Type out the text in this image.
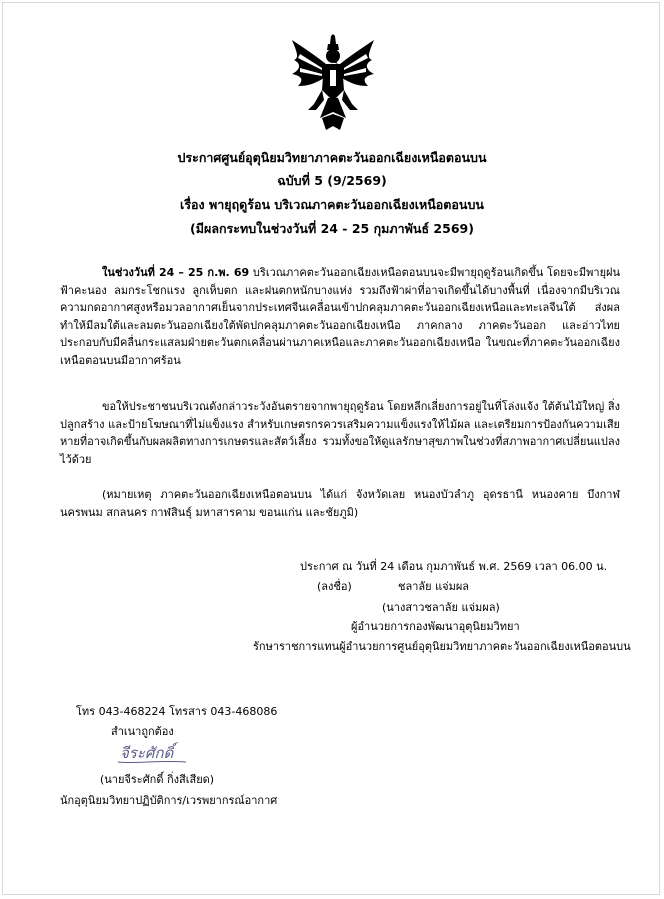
ประกาศศูนย์อุตุนิยมวิทยาภาคตะวันออกเฉียงเหนือตอนบน
ฉบับที่ 5 (9/2569)
เรื่อง พายุฤดูร้อน บริเวณภาคตะวันออกเฉียงเหนือตอนบน
(มีผลกระทบในช่วงวันที่ 24 - 25 กุมภาพันธ์ 2569)
ในช่วงวันที่ 24 – 25 ก.พ. 69 บริเวณภาคตะวันออกเฉียงเหนือตอนบนจะมีพายุฤดูร้อนเกิดขึ้น โดยจะมีพายุฝนฟ้าคะนอง ลมกระโชกแรง ลูกเห็บตก และฝนตกหนักบางแห่ง รวมถึงฟ้าผ่าที่อาจเกิดขึ้นได้บางพื้นที่ เนื่องจากมีบริเวณความกดอากาศสูงหรือมวลอากาศเย็นจากประเทศจีนเคลื่อนเข้าปกคลุมภาคตะวันออกเฉียงเหนือและทะเลจีนใต้ ส่งผลทำให้มีลมใต้และลมตะวันออกเฉียงใต้พัดปกคลุมภาคตะวันออกเฉียงเหนือ ภาคกลาง ภาคตะวันออก และอ่าวไทยประกอบกับมีคลื่นกระแสลมฝ่ายตะวันตกเคลื่อนผ่านภาคเหนือและภาคตะวันออกเฉียงเหนือ ในขณะที่ภาคตะวันออกเฉียงเหนือตอนบนมีอากาศร้อน
ขอให้ประชาชนบริเวณดังกล่าวระวังอันตรายจากพายุฤดูร้อน โดยหลีกเลี่ยงการอยู่ในที่โล่งแจ้ง ใต้ต้นไม้ใหญ่ สิ่งปลูกสร้าง และป้ายโฆษณาที่ไม่แข็งแรง สำหรับเกษตรกรควรเสริมความแข็งแรงให้ไม้ผล และเตรียมการป้องกันความเสียหายที่อาจเกิดขึ้นกับผลผลิตทางการเกษตรและสัตว์เลี้ยง รวมทั้งขอให้ดูแลรักษาสุขภาพในช่วงที่สภาพอากาศเปลี่ยนแปลงไว้ด้วย
(หมายเหตุ ภาคตะวันออกเฉียงเหนือตอนบน ได้แก่ จังหวัดเลย หนองบัวลำภู อุดรธานี หนองคาย บึงกาฬ นครพนม สกลนคร กาฬสินธุ์ มหาสารคาม ขอนแก่น และชัยภูมิ)
ประกาศ ณ วันที่ 24 เดือน กุมภาพันธ์ พ.ศ. 2569 เวลา 06.00 น.
(ลงชื่อ)	ชลาลัย แจ่มผล
(นางสาวชลาลัย แจ่มผล)
ผู้อำนวยการกองพัฒนาอุตุนิยมวิทยา
รักษาราชการแทนผู้อำนวยการศูนย์อุตุนิยมวิทยาภาคตะวันออกเฉียงเหนือตอนบน
โทร 043-468224 โทรสาร 043-468086
สำเนาถูกต้อง
จีระศักดิ์
(นายจีระศักดิ์ กิ่งสีเสียด)
นักอุตุนิยมวิทยาปฏิบัติการ/เวรพยากรณ์อากาศ
